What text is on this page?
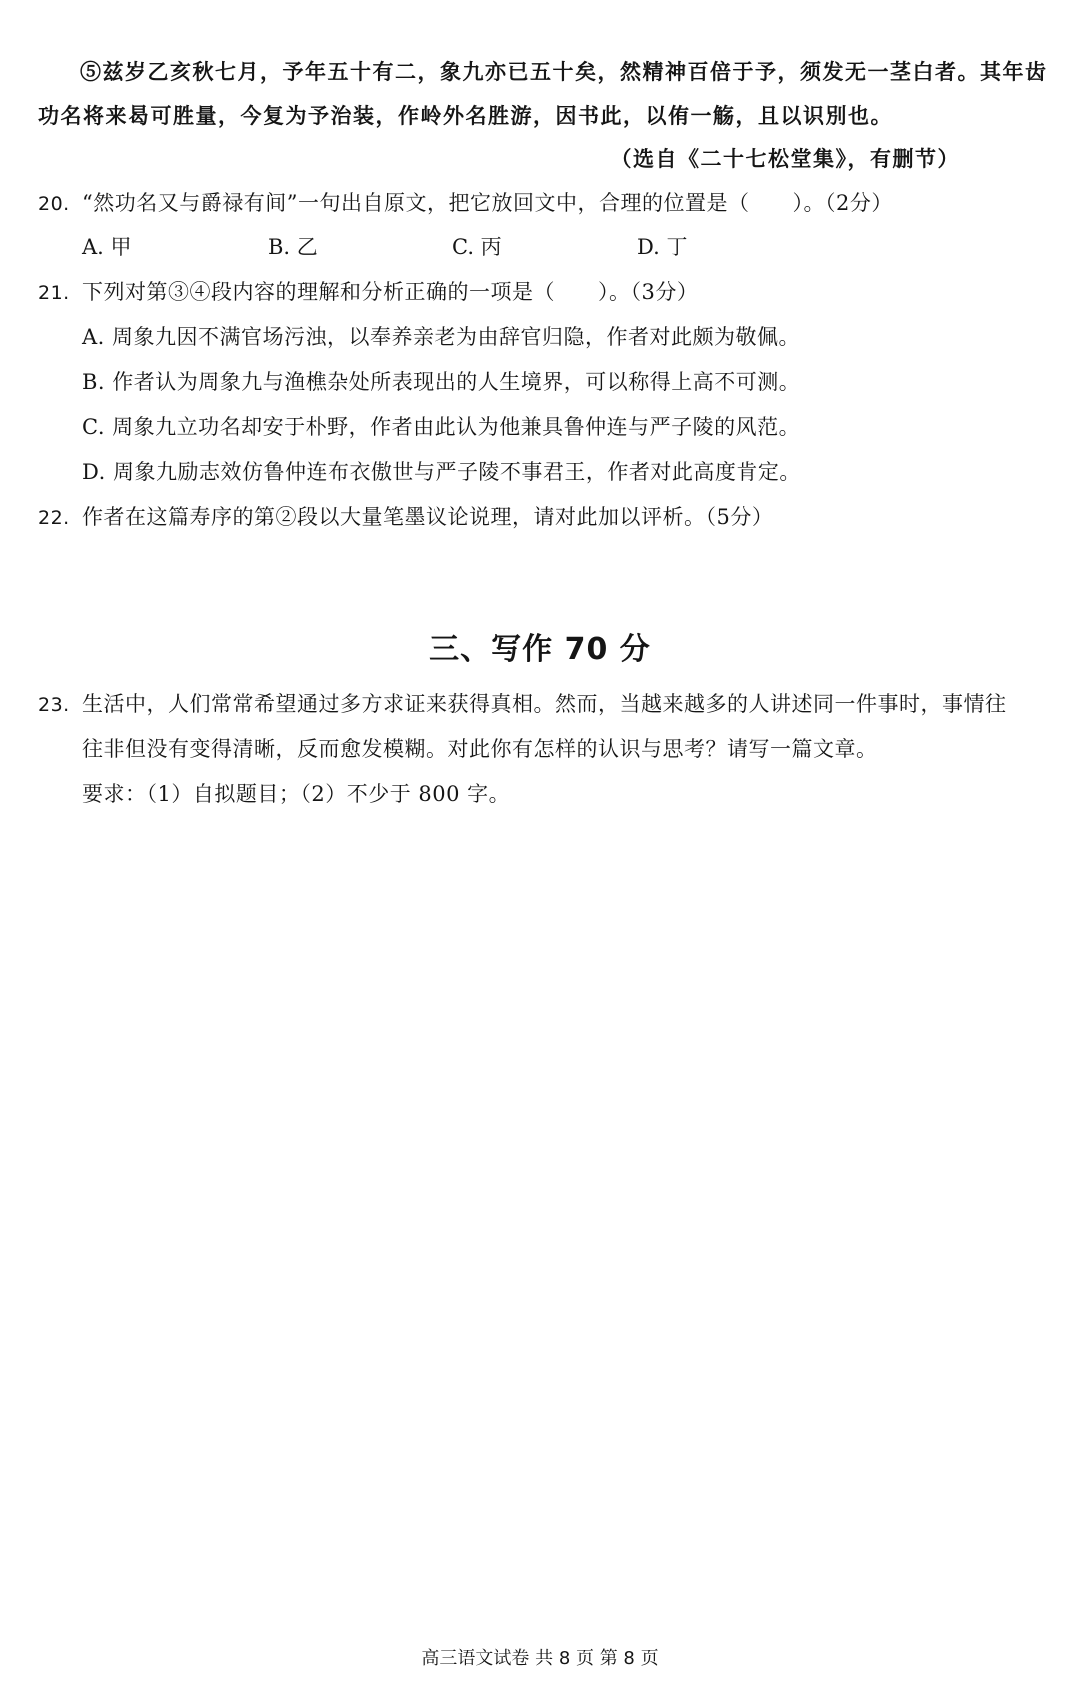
⑤兹岁乙亥秋七月，予年五十有二，象九亦已五十矣，然精神百倍于予，须发无一茎白者。其年齿
功名将来曷可胜量，今复为予治装，作岭外名胜游，因书此，以侑一觞，且以识別也。
（选自《二十七松堂集》，有删节）
20. “然功名又与爵禄有间”一句出自原文，把它放回文中，合理的位置是（　　）。（2分）
A. 甲	B. 乙	C. 丙	D. 丁
21. 下列对第③④段内容的理解和分析正确的一项是（　　）。（3分）
A. 周象九因不满官场污浊，以奉养亲老为由辞官归隐，作者对此颇为敬佩。
B. 作者认为周象九与渔樵杂处所表现出的人生境界，可以称得上高不可测。
C. 周象九立功名却安于朴野，作者由此认为他兼具鲁仲连与严子陵的风范。
D. 周象九励志效仿鲁仲连布衣傲世与严子陵不事君王，作者对此高度肯定。
22. 作者在这篇寿序的第②段以大量笔墨议论说理，请对此加以评析。（5分）
三、写作 70 分
23. 生活中，人们常常希望通过多方求证来获得真相。然而，当越来越多的人讲述同一件事时，事情往
往非但没有变得清晰，反而愈发模糊。对此你有怎样的认识与思考？请写一篇文章。
要求：（1）自拟题目；（2）不少于 800 字。
高三语文试卷 共 8 页 第 8 页
